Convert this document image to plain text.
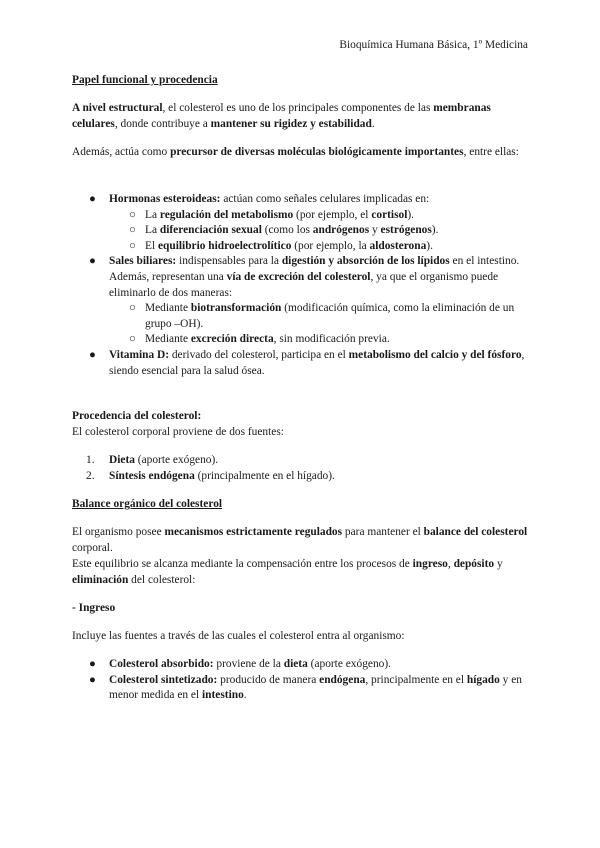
Bioquímica Humana Básica, 1º Medicina

Papel funcional y procedencia

A nivel estructural, el colesterol es uno de los principales componentes de las membranas celulares, donde contribuye a mantener su rigidez y estabilidad.

Además, actúa como precursor de diversas moléculas biológicamente importantes, entre ellas:

● Hormonas esteroideas: actúan como señales celulares implicadas en:
○ La regulación del metabolismo (por ejemplo, el cortisol).
○ La diferenciación sexual (como los andrógenos y estrógenos).
○ El equilibrio hidroelectrolítico (por ejemplo, la aldosterona).
● Sales biliares: indispensables para la digestión y absorción de los lípidos en el intestino.
Además, representan una vía de excreción del colesterol, ya que el organismo puede eliminarlo de dos maneras:
○ Mediante biotransformación (modificación química, como la eliminación de un grupo –OH).
○ Mediante excreción directa, sin modificación previa.
● Vitamina D: derivado del colesterol, participa en el metabolismo del calcio y del fósforo, siendo esencial para la salud ósea.

Procedencia del colesterol:

El colesterol corporal proviene de dos fuentes:

1. Dieta (aporte exógeno).
2. Síntesis endógena (principalmente en el hígado).

Balance orgánico del colesterol

El organismo posee mecanismos estrictamente regulados para mantener el balance del colesterol corporal.

Este equilibrio se alcanza mediante la compensación entre los procesos de ingreso, depósito y eliminación del colesterol:

- Ingreso

Incluye las fuentes a través de las cuales el colesterol entra al organismo:

● Colesterol absorbido: proviene de la dieta (aporte exógeno).
● Colesterol sintetizado: producido de manera endógena, principalmente en el hígado y en menor medida en el intestino.
